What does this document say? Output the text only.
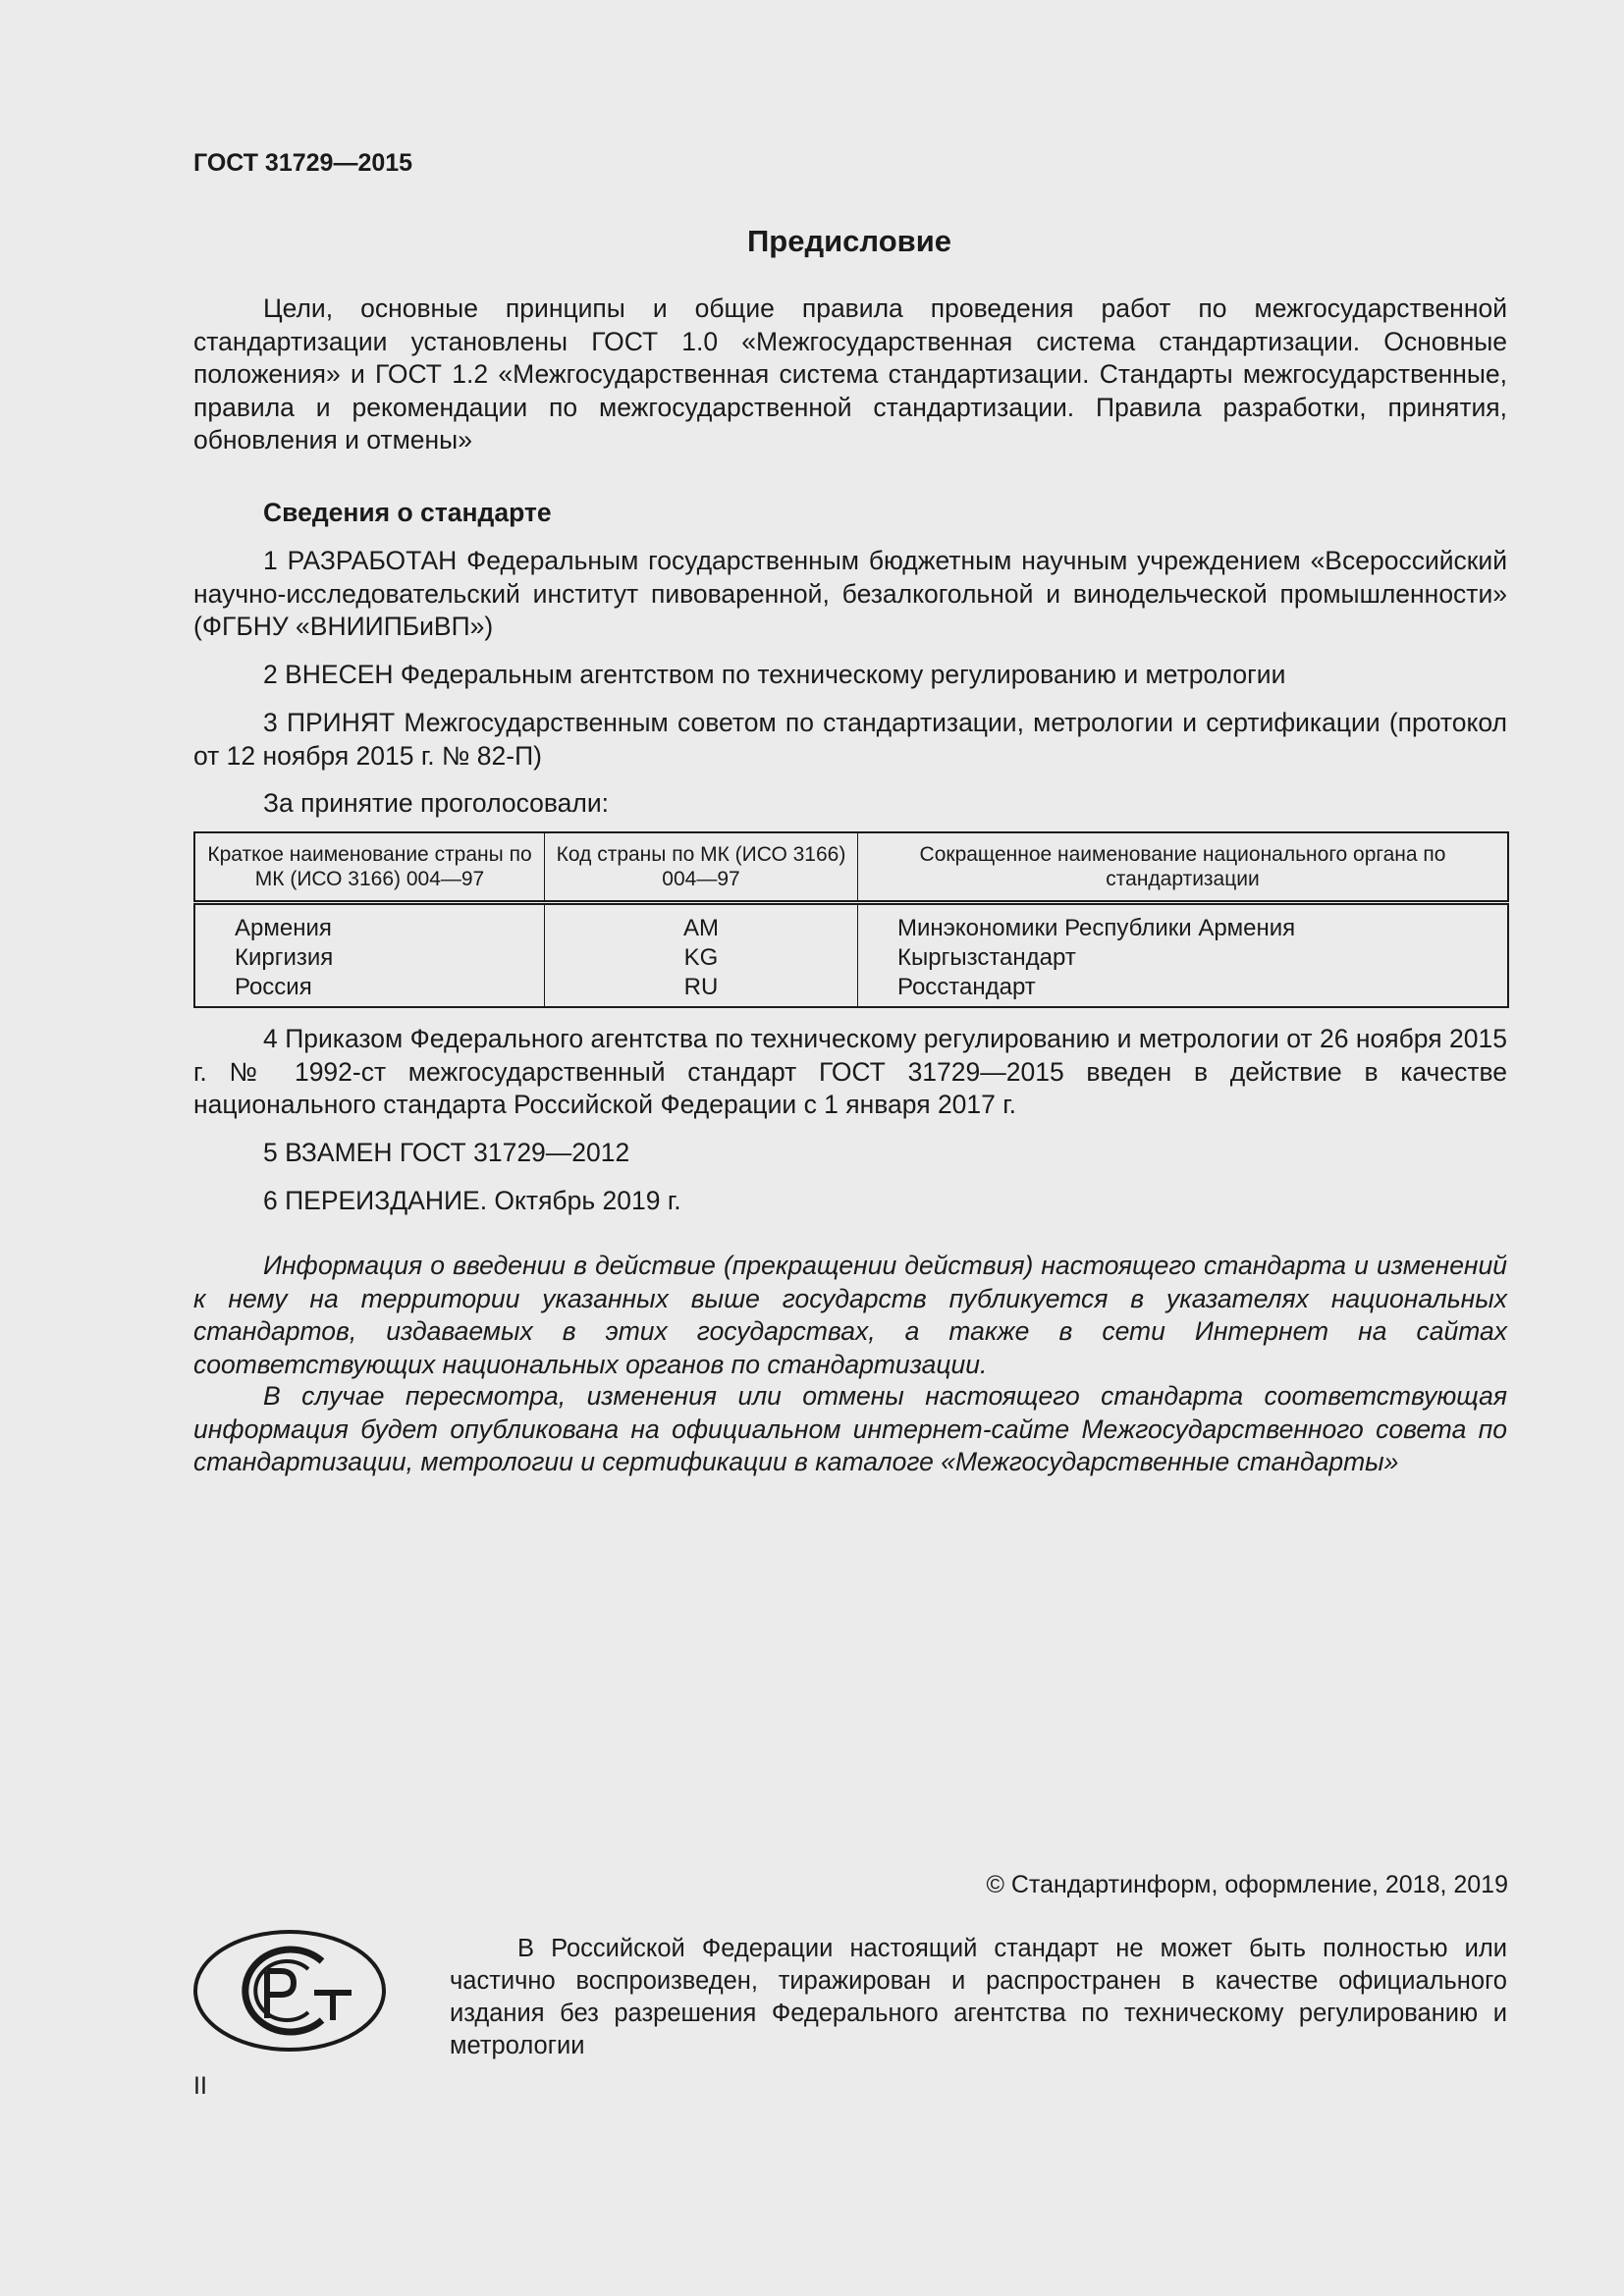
ГОСТ 31729—2015
Предисловие

Цели, основные принципы и общие правила проведения работ по межгосударственной стандартизации установлены ГОСТ 1.0 «Межгосударственная система стандартизации. Основные положения» и ГОСТ 1.2 «Межгосударственная система стандартизации. Стандарты межгосударственные, правила и рекомендации по межгосударственной стандартизации. Правила разработки, принятия, обновления и отмены»

Сведения о стандарте

1 РАЗРАБОТАН Федеральным государственным бюджетным научным учреждением «Всероссийский научно-исследовательский институт пивоваренной, безалкогольной и винодельческой промышленности» (ФГБНУ «ВНИИПБиВП»)

2 ВНЕСЕН Федеральным агентством по техническому регулированию и метрологии

3 ПРИНЯТ Межгосударственным советом по стандартизации, метрологии и сертификации (протокол от 12 ноября 2015 г. № 82-П)

За принятие проголосовали:

Краткое наименование страны по МК (ИСО 3166) 004—97	Код страны по МК (ИСО 3166) 004—97	Сокращенное наименование национального органа по стандартизации
Армения	AM	Минэкономики Республики Армения
Киргизия	KG	Кыргызстандарт
Россия	RU	Росстандарт

4 Приказом Федерального агентства по техническому регулированию и метрологии от 26 ноября 2015 г. № 1992-ст межгосударственный стандарт ГОСТ 31729—2015 введен в действие в качестве национального стандарта Российской Федерации с 1 января 2017 г.

5 ВЗАМЕН ГОСТ 31729—2012

6 ПЕРЕИЗДАНИЕ. Октябрь 2019 г.

Информация о введении в действие (прекращении действия) настоящего стандарта и изменений к нему на территории указанных выше государств публикуется в указателях национальных стандартов, издаваемых в этих государствах, а также в сети Интернет на сайтах соответствующих национальных органов по стандартизации.

В случае пересмотра, изменения или отмены настоящего стандарта соответствующая информация будет опубликована на официальном интернет-сайте Межгосударственного совета по стандартизации, метрологии и сертификации в каталоге «Межгосударственные стандарты»

© Стандартинформ, оформление, 2018, 2019

В Российской Федерации настоящий стандарт не может быть полностью или частично воспроизведен, тиражирован и распространен в качестве официального издания без разрешения Федерального агентства по техническому регулированию и метрологии

II
